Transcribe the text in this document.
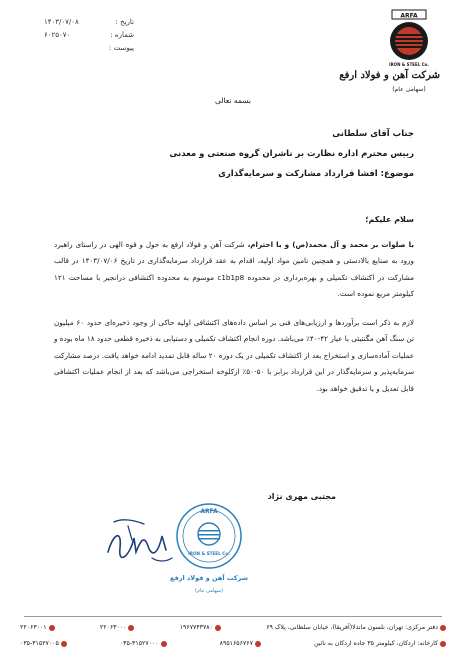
تاریخ :
۱۴۰۳/۰۷/۰۸
شماره :
۶۰۲۵۰۷۰
پیوست :
ARFA
IRON & STEEL Co.
شرکت آهن و فولاد ارفع
(سهامی عام)
بسمه تعالی
جناب آقای سلطانی
رییس محترم اداره نظارت بر ناشران گروه صنعتی و معدنی
موضوع: افشا قرارداد مشارکت و سرمایه‌گذاری

سلام علیکم؛

با صلوات بر محمد و آل محمد(ص) و با احترام، شرکت آهن و فولاد ارفع به حول و قوه الهی در راستای راهبرد ورود به صنایع بالادستی و همچنین تامین مواد اولیه، اقدام به عقد قرارداد سرمایه‌گذاری در تاریخ ۱۴۰۳/۰۷/۰۶ در قالب مشارکت در اکتشاف تکمیلی و بهره‌برداری در محدوده c1b1p8 موسوم به محدوده اکتشافی درانجیر با مساحت ۱۲۱ کیلومتر مربع نموده است.

لازم به ذکر است برآوردها و ارزیابی‌های فنی بر اساس داده‌های اکتشافی اولیه حاکی از وجود ذخیره‌ای حدود ۶۰ میلیون تن سنگ آهن مگنتیتی با عیار ۴۲-۴۰٪ می‌باشد. دوره انجام اکتشاف تکمیلی و دستیابی به ذخیره قطعی حدود ۱۸ ماه بوده و عملیات آماده‌سازی و استخراج بعد از اکتشاف تکمیلی در یک دوره ۲۰ ساله قابل تمدید ادامه خواهد یافت. درصد مشارکت سرمایه‌پذیر و سرمایه‌گذار در این قرارداد برابر با ۵۰-۵۰٪ ازکلوخه استخراجی می‌باشد که بعد از انجام عملیات اکتشافی قابل تعدیل و یا تدقیق خواهد بود.

مجتبی مهری نژاد
ARFA
IRON & STEEL Co.
شرکت آهن و فولاد ارفع
(سهامی عام)
دفتر مرکزی: تهران، نلسون ماندلا(آفریقا)، خیابان سلطانی، پلاک ۶۹
۱۹۶۷۷۴۳۷۸۰
۲۲۰۶۳۰۰۰
۲۲۰۶۳۰۰۱
کارخانه: اردکان، کیلومتر ۳۵ جاده اردکان به نائین
۸۹۵۱۶۵۶۷۶۷
۰۳۵-۳۱۵۲۷۰۰۰
۰۳۵-۳۱۵۲۷۰۰۵
